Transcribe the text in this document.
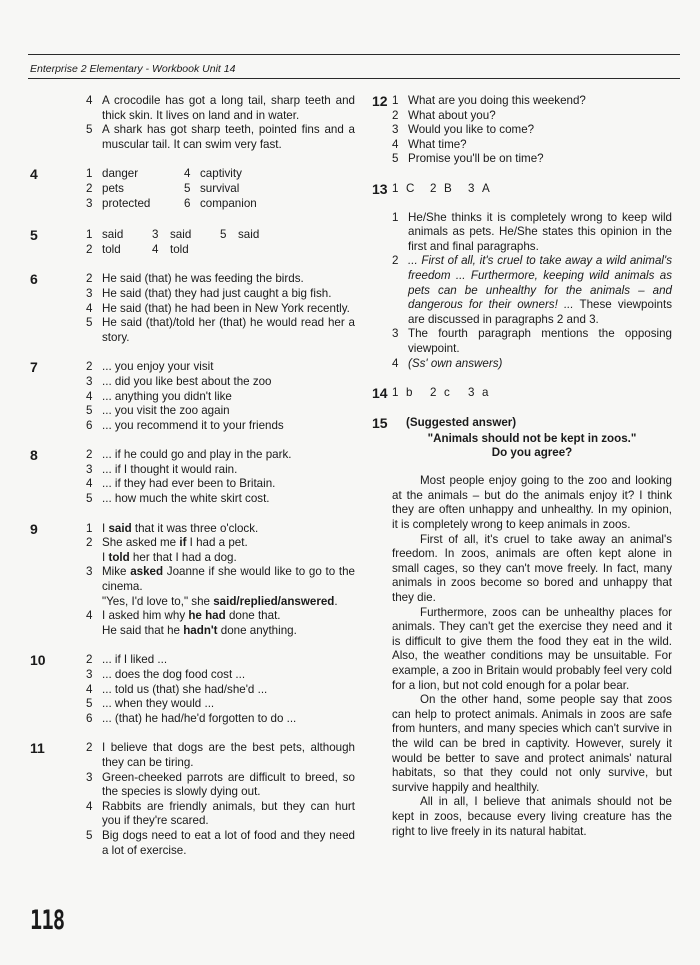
Enterprise 2 Elementary - Workbook Unit 14
4 A crocodile has got a long tail, sharp teeth and thick skin. It lives on land and in water.
5 A shark has got sharp teeth, pointed fins and a muscular tail. It can swim very fast.
4	1 danger	4 captivity
2 pets	5 survival
3 protected	6 companion
5	1 said	3 said	5 said
2 told	4 told
6	2 He said (that) he was feeding the birds.
3 He said (that) they had just caught a big fish.
4 He said (that) he had been in New York recently.
5 He said (that)/told her (that) he would read her a story.
7	2 ... you enjoy your visit
3 ... did you like best about the zoo
4 ... anything you didn't like
5 ... you visit the zoo again
6 ... you recommend it to your friends
8	2 ... if he could go and play in the park.
3 ... if I thought it would rain.
4 ... if they had ever been to Britain.
5 ... how much the white skirt cost.
9	1 I said that it was three o'clock.
2 She asked me if I had a pet.
I told her that I had a dog.
3 Mike asked Joanne if she would like to go to the cinema.
"Yes, I'd love to," she said/replied/answered.
4 I asked him why he had done that.
He said that he hadn't done anything.
10	2 ... if I liked ...
3 ... does the dog food cost ...
4 ... told us (that) she had/she'd ...
5 ... when they would ...
6 ... (that) he had/he'd forgotten to do ...
11	2 I believe that dogs are the best pets, although they can be tiring.
3 Green-cheeked parrots are difficult to breed, so the species is slowly dying out.
4 Rabbits are friendly animals, but they can hurt you if they're scared.
5 Big dogs need to eat a lot of food and they need a lot of exercise.
12 1 What are you doing this weekend?
2 What about you?
3 Would you like to come?
4 What time?
5 Promise you'll be on time?
13 1 C 2 B 3 A
1 He/She thinks it is completely wrong to keep wild animals as pets. He/She states this opinion in the first and final paragraphs.
2 ... First of all, it's cruel to take away a wild animal's freedom ... Furthermore, keeping wild animals as pets can be unhealthy for the animals – and dangerous for their owners! ... These viewpoints are discussed in paragraphs 2 and 3.
3 The fourth paragraph mentions the opposing viewpoint.
4 (Ss' own answers)
14 1 b 2 c 3 a
15 (Suggested answer)
"Animals should not be kept in zoos."
Do you agree?

Most people enjoy going to the zoo and looking at the animals – but do the animals enjoy it? I think they are often unhappy and unhealthy. In my opinion, it is completely wrong to keep animals in zoos.

First of all, it's cruel to take away an animal's freedom. In zoos, animals are often kept alone in small cages, so they can't move freely. In fact, many animals in zoos become so bored and unhappy that they die.

Furthermore, zoos can be unhealthy places for animals. They can't get the exercise they need and it is difficult to give them the food they eat in the wild. Also, the weather conditions may be unsuitable. For example, a zoo in Britain would probably feel very cold for a lion, but not cold enough for a polar bear.

On the other hand, some people say that zoos can help to protect animals. Animals in zoos are safe from hunters, and many species which can't survive in the wild can be bred in captivity. However, surely it would be better to save and protect animals' natural habitats, so that they could not only survive, but survive happily and healthily.

All in all, I believe that animals should not be kept in zoos, because every living creature has the right to live freely in its natural habitat.

118
